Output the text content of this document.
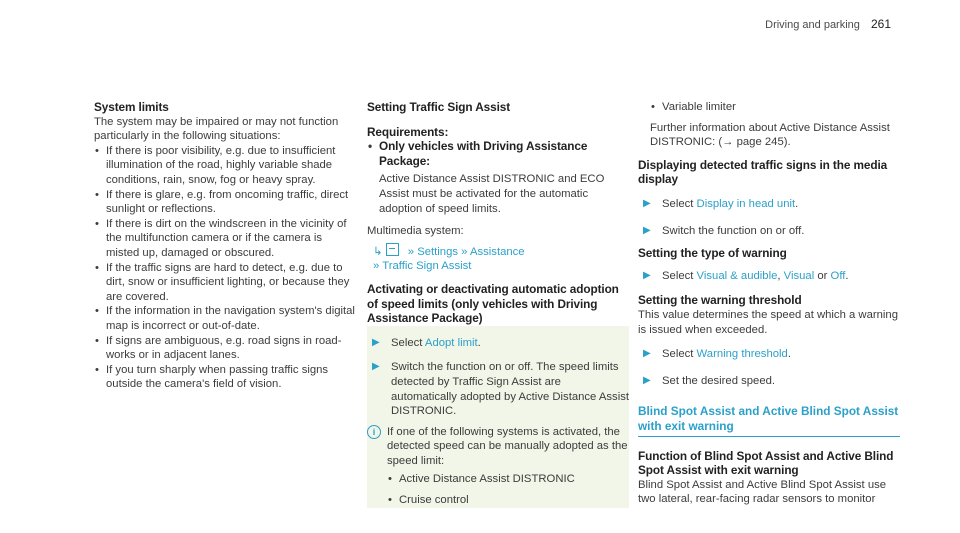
Driving and parking 261

System limits

The system may be impaired or may not function particularly in the following situations:

• If there is poor visibility, e.g. due to insufficient illumination of the road, highly variable shade conditions, rain, snow, fog or heavy spray.
• If there is glare, e.g. from oncoming traffic, direct sunlight or reflections.
• If there is dirt on the windscreen in the vicinity of the multifunction camera or if the camera is misted up, damaged or obscured.
• If the traffic signs are hard to detect, e.g. due to dirt, snow or insufficient lighting, or because they are covered.
• If the information in the navigation system's digital map is incorrect or out-of-date.
• If signs are ambiguous, e.g. road signs in road-works or in adjacent lanes.
• If you turn sharply when passing traffic signs outside the camera's field of vision.

Setting Traffic Sign Assist

Requirements:

• Only vehicles with Driving Assistance Package:

Active Distance Assist DISTRONIC and ECO Assist must be activated for the automatic adoption of speed limits.

Multimedia system:

↳ » Settings » Assistance

» Traffic Sign Assist

Activating or deactivating automatic adoption of speed limits (only vehicles with Driving Assistance Package)

▶ Select Adopt limit.

▶ Switch the function on or off. The speed limits detected by Traffic Sign Assist are automatically adopted by Active Distance Assist DISTRONIC.

i	If one of the following systems is activated, the detected speed can be manually adopted as the speed limit:

• Active Distance Assist DISTRONIC
• Cruise control
• Variable limiter

Further information about Active Distance Assist DISTRONIC: (→ page 245).

Displaying detected traffic signs in the media display

▶ Select Display in head unit.

▶ Switch the function on or off.

Setting the type of warning

▶ Select Visual & audible, Visual or Off.

Setting the warning threshold

This value determines the speed at which a warning is issued when exceeded.

▶ Select Warning threshold.

▶ Set the desired speed.

Blind Spot Assist and Active Blind Spot Assist with exit warning

Function of Blind Spot Assist and Active Blind Spot Assist with exit warning

Blind Spot Assist and Active Blind Spot Assist use two lateral, rear-facing radar sensors to monitor
